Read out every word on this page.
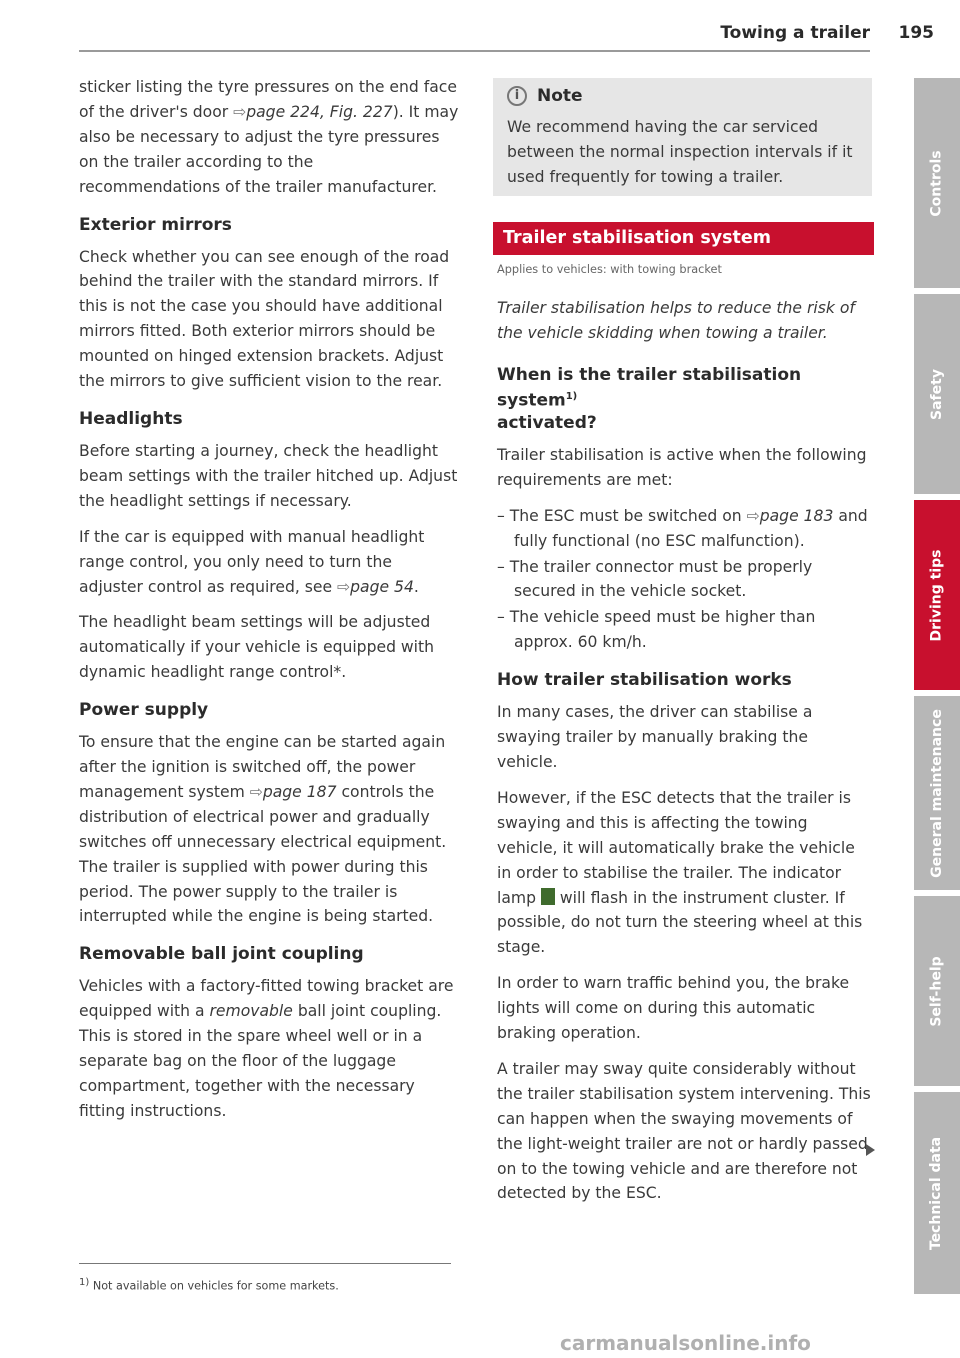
Towing a trailer 195

sticker listing the tyre pressures on the end face of the driver's door ⇨page 224, Fig. 227). It may also be necessary to adjust the tyre pressures on the trailer according to the recommendations of the trailer manufacturer.

Exterior mirrors

Check whether you can see enough of the road behind the trailer with the standard mirrors. If this is not the case you should have additional mirrors fitted. Both exterior mirrors should be mounted on hinged extension brackets. Adjust the mirrors to give sufficient vision to the rear.

Headlights

Before starting a journey, check the headlight beam settings with the trailer hitched up. Adjust the headlight settings if necessary.

If the car is equipped with manual headlight range control, you only need to turn the adjuster control as required, see ⇨page 54.

The headlight beam settings will be adjusted automatically if your vehicle is equipped with dynamic headlight range control*.

Power supply

To ensure that the engine can be started again after the ignition is switched off, the power management system ⇨page 187 controls the distribution of electrical power and gradually switches off unnecessary electrical equipment. The trailer is supplied with power during this period. The power supply to the trailer is interrupted while the engine is being started.

Removable ball joint coupling

Vehicles with a factory-fitted towing bracket are equipped with a removable ball joint coupling. This is stored in the spare wheel well or in a separate bag on the floor of the luggage compartment, together with the necessary fitting instructions.

i	Note
We recommend having the car serviced between the normal inspection intervals if it used frequently for towing a trailer.
Trailer stabilisation system
Applies to vehicles: with towing bracket

Trailer stabilisation helps to reduce the risk of the vehicle skidding when towing a trailer.

When is the trailer stabilisation system$^{1)}$
activated?

Trailer stabilisation is active when the following requirements are met:

– The ESC must be switched on ⇨page 183 and fully functional (no ESC malfunction).
– The trailer connector must be properly secured in the vehicle socket.
– The vehicle speed must be higher than approx. 60 km/h.
How trailer stabilisation works

In many cases, the driver can stabilise a swaying trailer by manually braking the vehicle.

However, if the ESC detects that the trailer is swaying and this is affecting the towing vehicle, it will automatically brake the vehicle in order to stabilise the trailer. The indicator lamp  will flash in the instrument cluster. If possible, do not turn the steering wheel at this stage.

In order to warn traffic behind you, the brake lights will come on during this automatic braking operation.

A trailer may sway quite considerably without the trailer stabilisation system intervening. This can happen when the swaying movements of the light-weight trailer are not or hardly passed on to the towing vehicle and are therefore not detected by the ESC.

$^{1)}$ Not available on vehicles for some markets.
Controls
Safety
Driving tips
General maintenance
Self-help
Technical data
carmanualsonline.info
